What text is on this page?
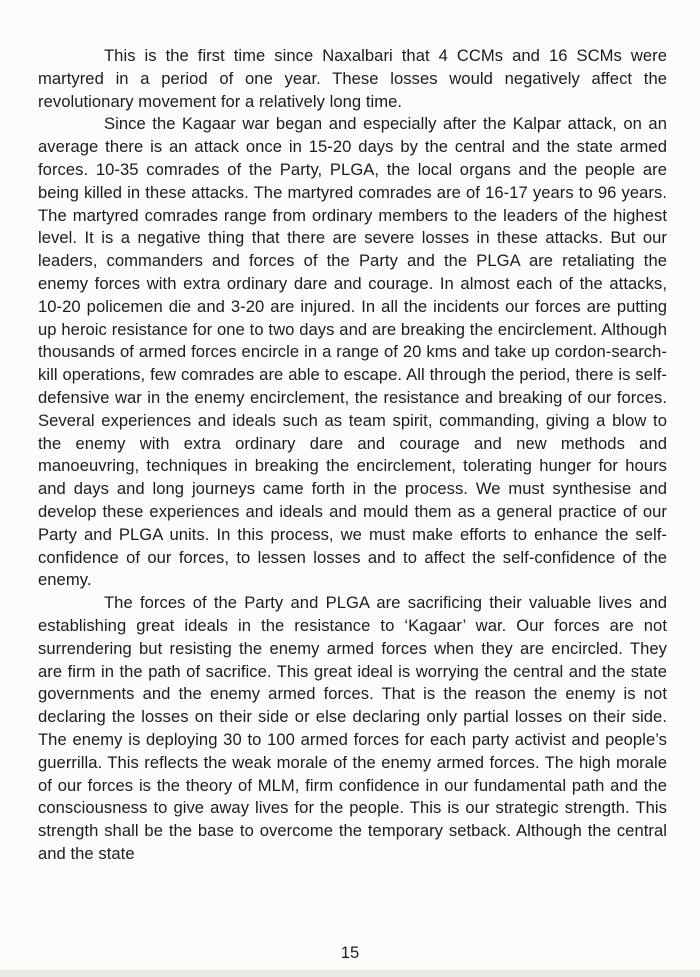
This is the first time since Naxalbari that 4 CCMs and 16 SCMs were martyred in a period of one year. These losses would negatively affect the revolutionary movement for a relatively long time.

Since the Kagaar war began and especially after the Kalpar attack, on an average there is an attack once in 15-20 days by the central and the state armed forces. 10-35 comrades of the Party, PLGA, the local organs and the people are being killed in these attacks. The martyred comrades are of 16-17 years to 96 years. The martyred comrades range from ordinary members to the leaders of the highest level. It is a negative thing that there are severe losses in these attacks. But our leaders, commanders and forces of the Party and the PLGA are retaliating the enemy forces with extra ordinary dare and courage. In almost each of the attacks, 10-20 policemen die and 3-20 are injured. In all the incidents our forces are putting up heroic resistance for one to two days and are breaking the encirclement. Although thousands of armed forces encircle in a range of 20 kms and take up cordon-search-kill operations, few comrades are able to escape. All through the period, there is self-defensive war in the enemy encirclement, the resistance and breaking of our forces. Several experiences and ideals such as team spirit, commanding, giving a blow to the enemy with extra ordinary dare and courage and new methods and manoeuvring, techniques in breaking the encirclement, tolerating hunger for hours and days and long journeys came forth in the process. We must synthesise and develop these experiences and ideals and mould them as a general practice of our Party and PLGA units. In this process, we must make efforts to enhance the self-confidence of our forces, to lessen losses and to affect the self-confidence of the enemy.

The forces of the Party and PLGA are sacrificing their valuable lives and establishing great ideals in the resistance to ‘Kagaar’ war. Our forces are not surrendering but resisting the enemy armed forces when they are encircled. They are firm in the path of sacrifice. This great ideal is worrying the central and the state governments and the enemy armed forces. That is the reason the enemy is not declaring the losses on their side or else declaring only partial losses on their side. The enemy is deploying 30 to 100 armed forces for each party activist and people’s guerrilla. This reflects the weak morale of the enemy armed forces. The high morale of our forces is the theory of MLM, firm confidence in our fundamental path and the consciousness to give away lives for the people. This is our strategic strength. This strength shall be the base to overcome the temporary setback. Although the central and the state

15
